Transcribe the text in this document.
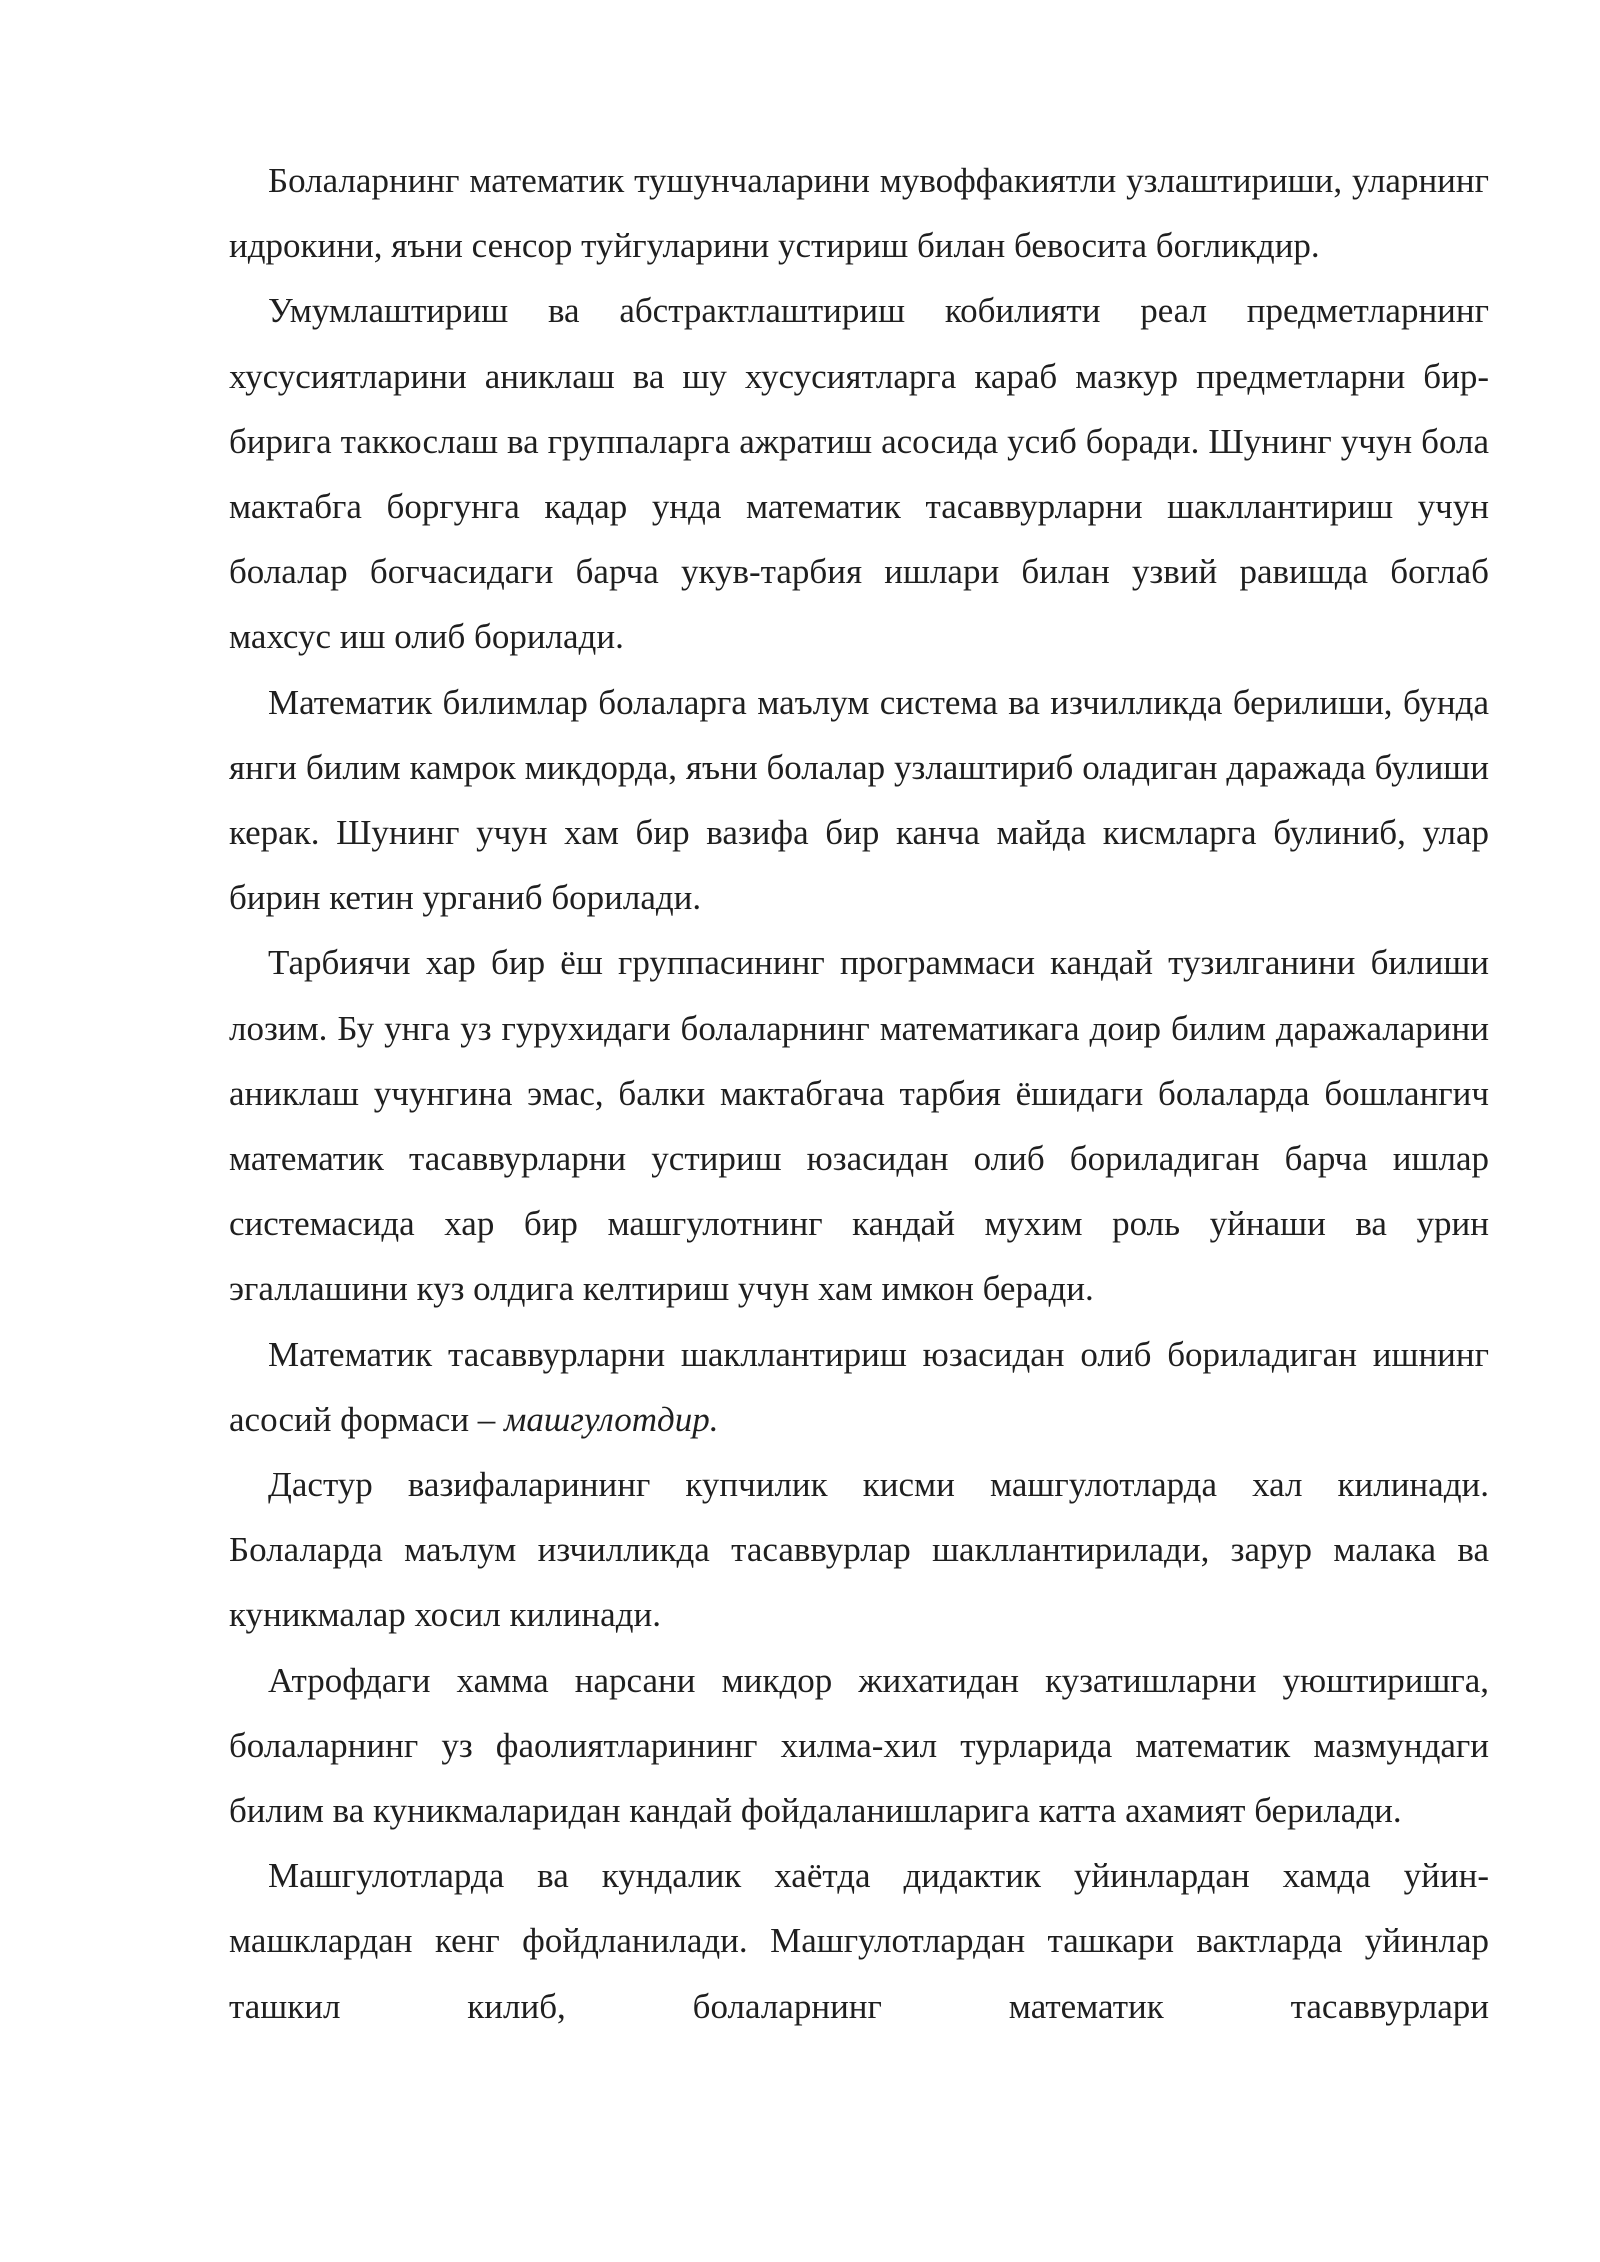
Болаларнинг математик тушунчаларини мувоффакиятли узлаштириши, уларнинг идрокини, яъни сенсор туйгуларини устириш билан бевосита богликдир.

Умумлаштириш ва абстрактлаштириш кобилияти реал предметларнинг хусусиятларини аниклаш ва шу хусусиятларга караб мазкур предметларни бир-бирига таккослаш ва группаларга ажратиш асосида усиб боради. Шунинг учун бола мактабга боргунга кадар унда математик тасаввурларни шакллантириш учун болалар богчасидаги барча укув-тарбия ишлари билан узвий равишда боглаб махсус иш олиб борилади.

Математик билимлар болаларга маълум система ва изчилликда берилиши, бунда янги билим камрок микдорда, яъни болалар узлаштириб оладиган даражада булиши керак. Шунинг учун хам бир вазифа бир канча майда кисмларга булиниб, улар бирин кетин урганиб борилади.

Тарбиячи хар бир ёш группасининг программаси кандай тузилганини билиши лозим. Бу унга уз гурухидаги болаларнинг математикага доир билим даражаларини аниклаш учунгина эмас, балки мактабгача тарбия ёшидаги болаларда бошлангич математик тасаввурларни устириш юзасидан олиб бориладиган барча ишлар системасида хар бир машгулотнинг кандай мухим роль уйнаши ва урин эгаллашини куз олдига келтириш учун хам имкон беради.

Математик тасаввурларни шакллантириш юзасидан олиб бориладиган ишнинг асосий формаси – машгулотдир.

Дастур вазифаларининг купчилик кисми машгулотларда хал килинади. Болаларда маълум изчилликда тасаввурлар шакллантирилади, зарур малака ва куникмалар хосил килинади.

Атрофдаги хамма нарсани микдор жихатидан кузатишларни уюштиришга, болаларнинг уз фаолиятларининг хилма-хил турларида математик мазмундаги билим ва куникмаларидан кандай фойдаланишларига катта ахамият берилади.

Машгулотларда ва кундалик хаётда дидактик уйинлардан хамда уйин-машклардан кенг фойдланилади. Машгулотлардан ташкари вактларда уйинлар ташкил килиб, болаларнинг математик тасаввурлари
